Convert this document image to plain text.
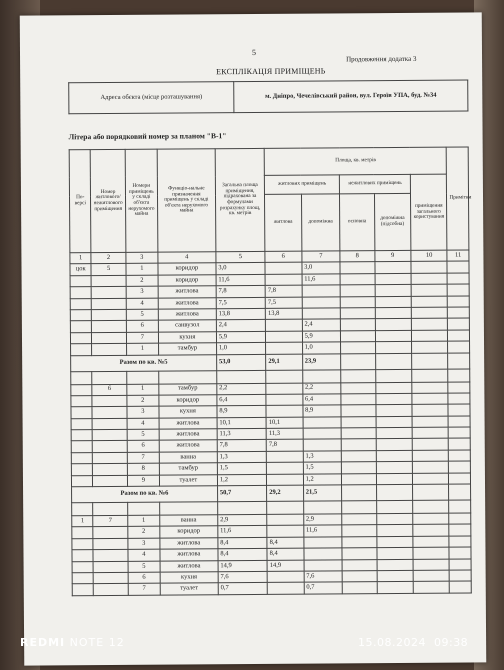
5
Продовження додатка 3
ЕКСПЛІКАЦІЯ ПРИМІЩЕНЬ
Адреса обєкта (місце розташування)	м. Дніпро, Чечелівський район, вул. Героїв УПА, буд. №34
Літера або порядковий номер за планом "В-1"
По-версі	Номер житлового/ нежитлового приміщення	Номери приміщень у складі об'єкта нерухомого майна	Функціо-нальне призначення приміщень у складі об'єкта нерухомого майна	Загальна площа приміщення, підрахована за формулами розрахунку площ, кв. метрів	Площа, кв. метрів					Примітки
					житлових приміщень		нежитлових приміщень		приміщення загального користування	
					житлова	допоміжна	основна	допоміжна (підсобна)		
1	2	3	4	5	6	7	8	9	10	11
цок	5	1	коридор	3,0		3,0				
		2	коридор	11,6		11,6				
		3	житлова	7,8	7,8					
		4	житлова	7,5	7,5					
		5	житлова	13,8	13,8					
		6	санвузол	2,4		2,4				
		7	кухня	5,9		5,9				
		1	тамбур	1,0		1,0				
Разом по кв. №5				53,0	29,1	23,9				

	6	1	тамбур	2,2		2,2				
		2	коридор	6,4		6,4				
		3	кухня	8,9		8,9				
		4	житлова	10,1	10,1					
		5	житлова	11,3	11,3					
		6	житлова	7,8	7,8					
		7	ванна	1,3		1,3				
		8	тамбур	1,5		1,5				
		9	туалет	1,2		1,2				
Разом по кв. №6				50,7	29,2	21,5				

1	7	1	ванна	2,9		2,9				
		2	коридор	11,6		11,6				
		3	житлова	8,4	8,4					
		4	житлова	8,4	8,4					
		5	житлова	14,9	14,9					
		6	кухня	7,6		7,6				
		7	туалет	0,7		0,7				
REDMI NOTE 12	15.08.2024 09:38
